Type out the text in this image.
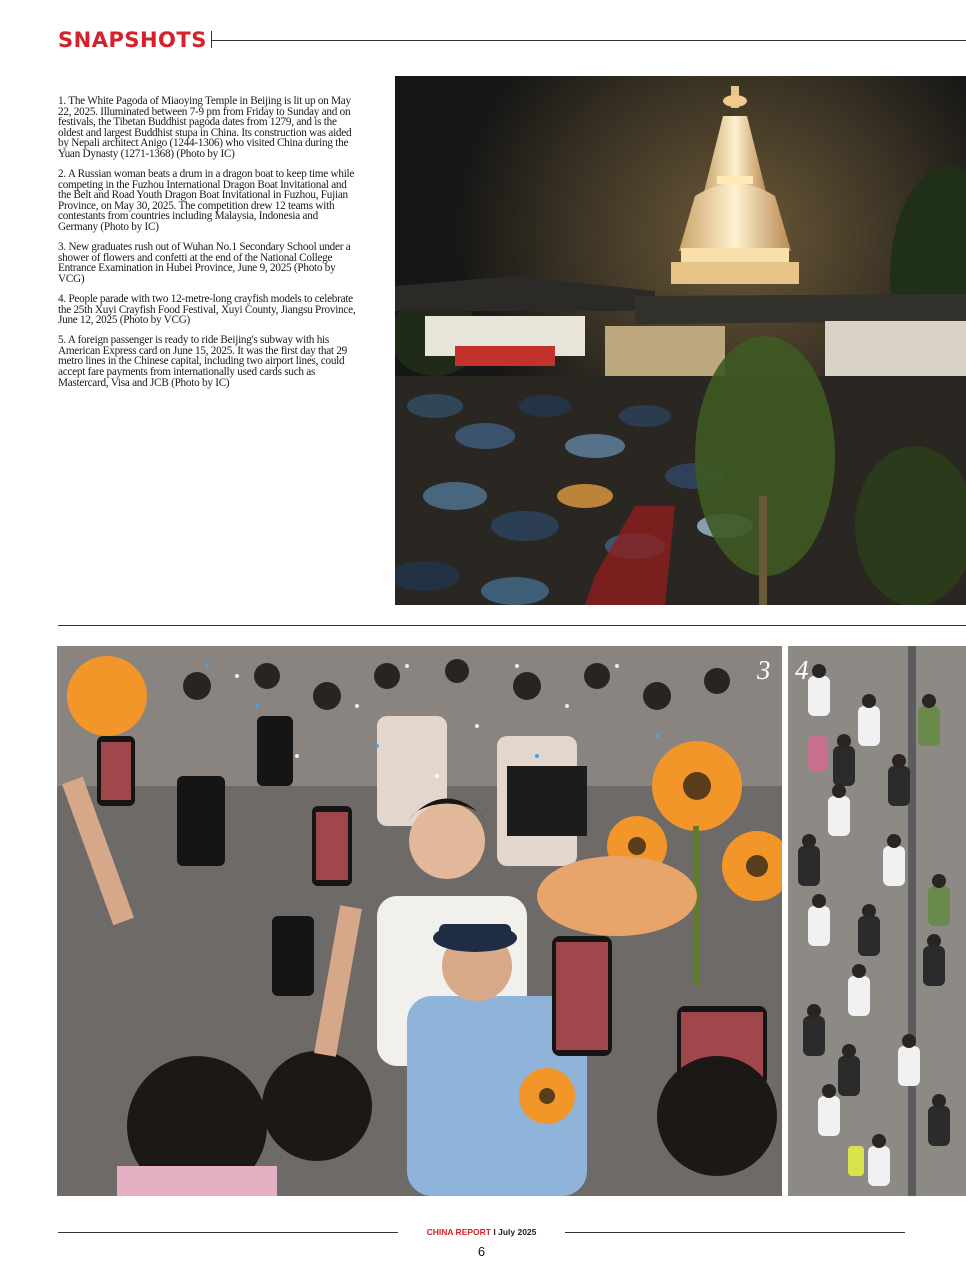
SNAPSHOTS

1. The White Pagoda of Miaoying Temple in Beijing is lit up on May 22, 2025. Illuminated between 7-9 pm from Friday to Sunday and on festivals, the Tibetan Buddhist pagoda dates from 1279, and is the oldest and largest Buddhist stupa in China. Its construction was aided by Nepali architect Anigo (1244-1306) who visited China during the Yuan Dynasty (1271-1368) (Photo by IC)

2. A Russian woman beats a drum in a dragon boat to keep time while competing in the Fuzhou International Dragon Boat Invitational and the Belt and Road Youth Dragon Boat Invitational in Fuzhou, Fujian Province, on May 30, 2025. The competition drew 12 teams with contestants from countries including Malaysia, Indonesia and Germany (Photo by IC)

3. New graduates rush out of Wuhan No.1 Secondary School under a shower of flowers and confetti at the end of the National College Entrance Examination in Hubei Province, June 9, 2025 (Photo by VCG)

4. People parade with two 12-metre-long crayfish models to celebrate the 25th Xuyi Crayfish Food Festival, Xuyi County, Jiangsu Province, June 12, 2025 (Photo by VCG)

5. A foreign passenger is ready to ride Beijing's subway with his American Express card on June 15, 2025. It was the first day that 29 metro lines in the Chinese capital, including two airport lines, could accept fare payments from internationally used cards such as Mastercard, Visa and JCB (Photo by IC)

3 4
CHINA REPORT I July 2025
6
